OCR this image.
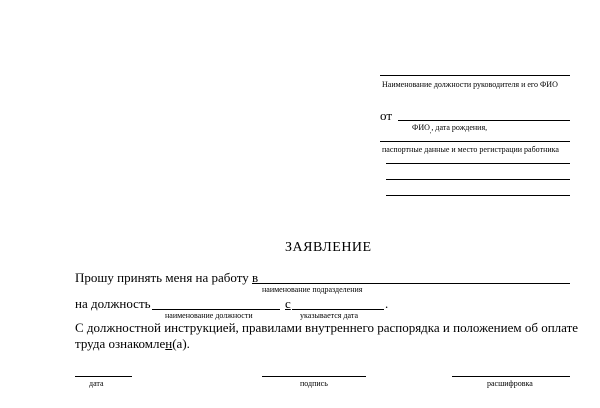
Наименование должности руководителя и его ФИО
от
$ФИО_,$, дата рождения,
паспортные данные и место регистрации работника
ЗАЯВЛЕНИЕ
Прошу принять меня на работу в
наименование подразделения
на должность
наименование должности
с	.
указывается дата
С должностной инструкцией, правилами внутреннего распорядка и положением об оплате
труда ознакомлен(а).
дата	подпись	расшифровка
